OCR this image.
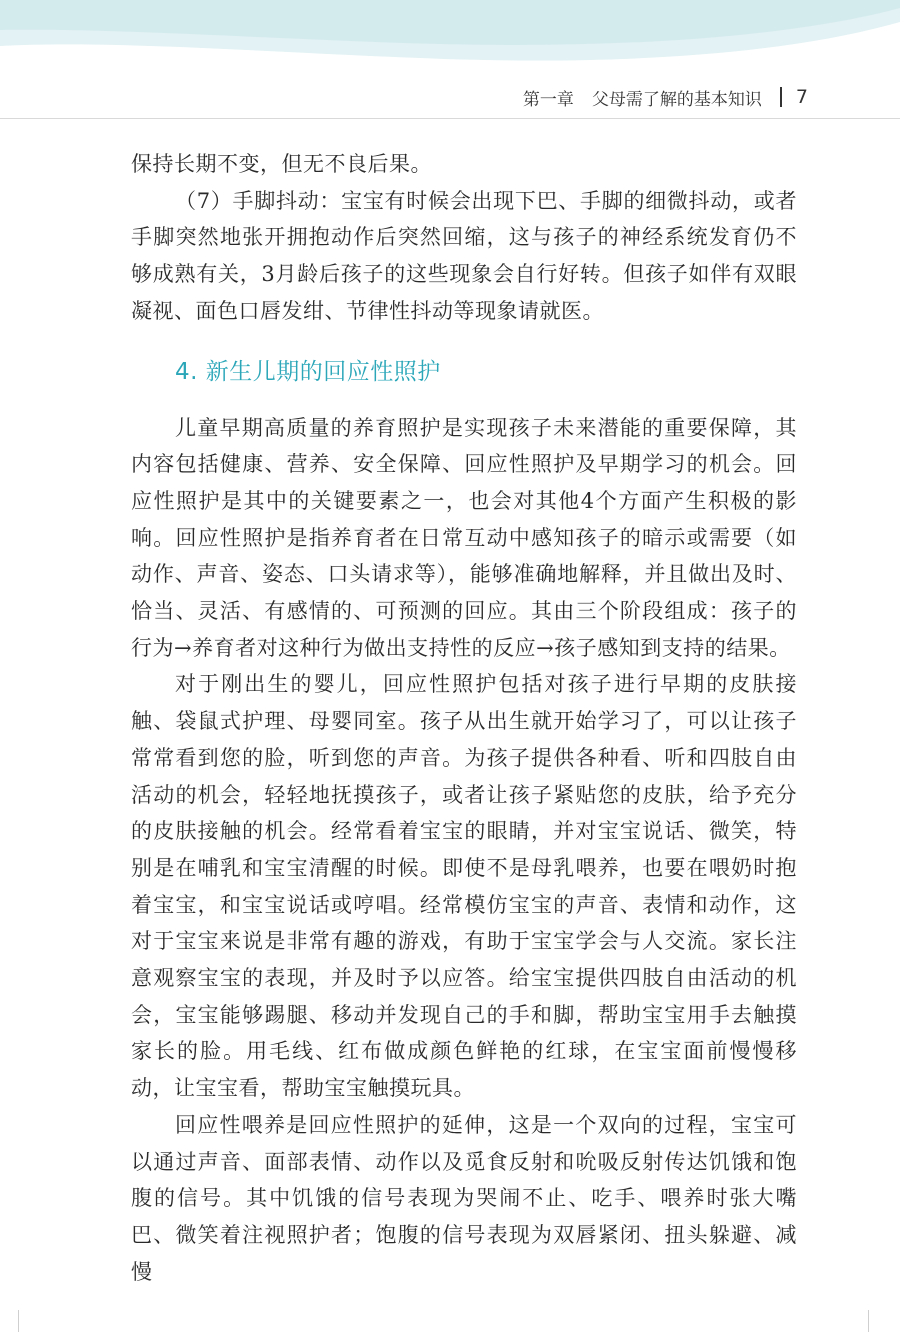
第一章 父母需了解的基本知识 7

保持长期不变，但无不良后果。

（7）手脚抖动：宝宝有时候会出现下巴、手脚的细微抖动，或者手脚突然地张开拥抱动作后突然回缩，这与孩子的神经系统发育仍不够成熟有关，3月龄后孩子的这些现象会自行好转。但孩子如伴有双眼凝视、面色口唇发绀、节律性抖动等现象请就医。

4. 新生儿期的回应性照护

儿童早期高质量的养育照护是实现孩子未来潜能的重要保障，其内容包括健康、营养、安全保障、回应性照护及早期学习的机会。回应性照护是其中的关键要素之一，也会对其他4个方面产生积极的影响。回应性照护是指养育者在日常互动中感知孩子的暗示或需要（如动作、声音、姿态、口头请求等），能够准确地解释，并且做出及时、恰当、灵活、有感情的、可预测的回应。其由三个阶段组成：孩子的行为→养育者对这种行为做出支持性的反应→孩子感知到支持的结果。

对于刚出生的婴儿，回应性照护包括对孩子进行早期的皮肤接触、袋鼠式护理、母婴同室。孩子从出生就开始学习了，可以让孩子常常看到您的脸，听到您的声音。为孩子提供各种看、听和四肢自由活动的机会，轻轻地抚摸孩子，或者让孩子紧贴您的皮肤，给予充分的皮肤接触的机会。经常看着宝宝的眼睛，并对宝宝说话、微笑，特别是在哺乳和宝宝清醒的时候。即使不是母乳喂养，也要在喂奶时抱着宝宝，和宝宝说话或哼唱。经常模仿宝宝的声音、表情和动作，这对于宝宝来说是非常有趣的游戏，有助于宝宝学会与人交流。家长注意观察宝宝的表现，并及时予以应答。给宝宝提供四肢自由活动的机会，宝宝能够踢腿、移动并发现自己的手和脚，帮助宝宝用手去触摸家长的脸。用毛线、红布做成颜色鲜艳的红球，在宝宝面前慢慢移动，让宝宝看，帮助宝宝触摸玩具。

回应性喂养是回应性照护的延伸，这是一个双向的过程，宝宝可以通过声音、面部表情、动作以及觅食反射和吮吸反射传达饥饿和饱腹的信号。其中饥饿的信号表现为哭闹不止、吃手、喂养时张大嘴巴、微笑着注视照护者；饱腹的信号表现为双唇紧闭、扭头躲避、减慢
